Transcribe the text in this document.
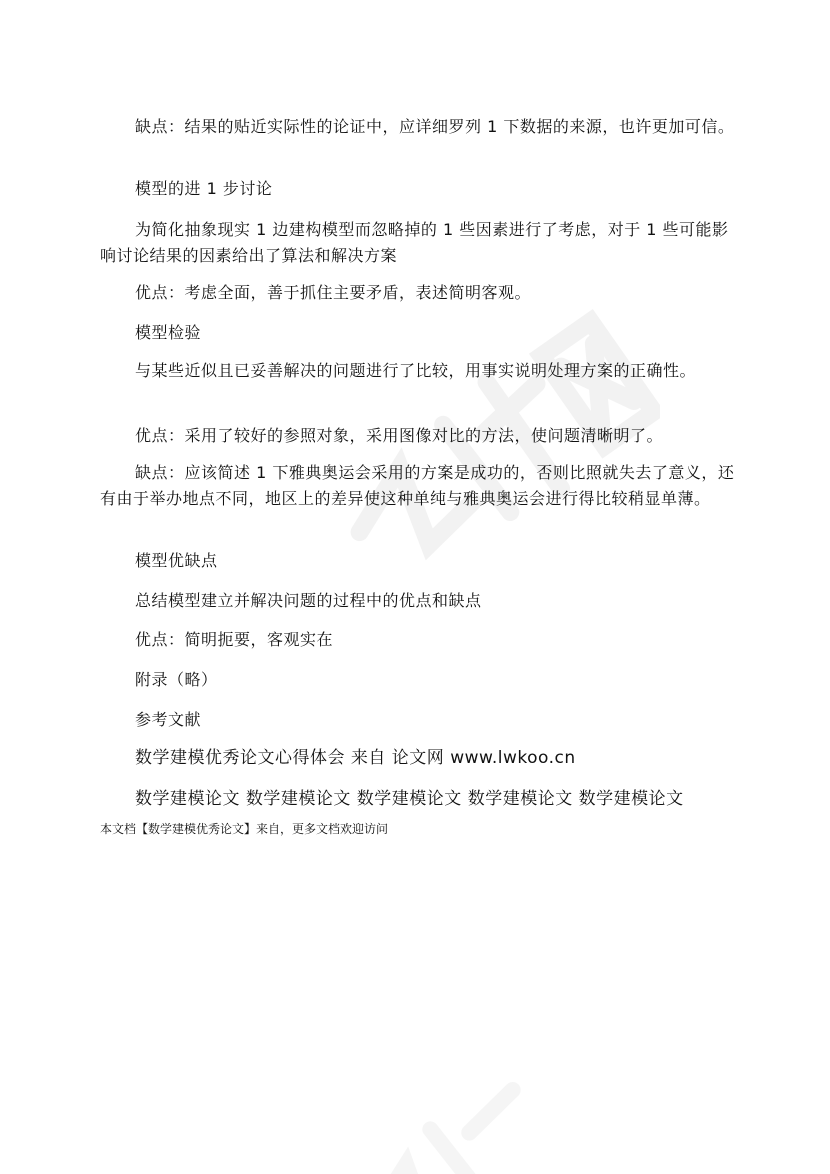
缺点：结果的贴近实际性的论证中，应详细罗列 1 下数据的来源，也许更加可信。

模型的进 1 步讨论

为简化抽象现实 1 边建构模型而忽略掉的 1 些因素进行了考虑，对于 1 些可能影响讨论结果的因素给出了算法和解决方案

优点：考虑全面，善于抓住主要矛盾，表述简明客观。

模型检验

与某些近似且已妥善解决的问题进行了比较，用事实说明处理方案的正确性。

优点：采用了较好的参照对象，采用图像对比的方法，使问题清晰明了。

缺点：应该简述 1 下雅典奥运会采用的方案是成功的，否则比照就失去了意义，还有由于举办地点不同，地区上的差异使这种单纯与雅典奥运会进行得比较稍显单薄。

模型优缺点

总结模型建立并解决问题的过程中的优点和缺点

优点：简明扼要，客观实在

附录（略）

参考文献

数学建模优秀论文心得体会 来自 论文网 www.lwkoo.cn

数学建模论文 数学建模论文 数学建模论文 数学建模论文 数学建模论文

本文档【数学建模优秀论文】来自，更多文档欢迎访问
